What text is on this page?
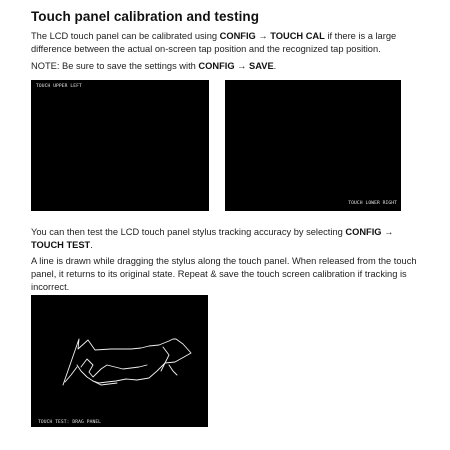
Touch panel calibration and testing
The LCD touch panel can be calibrated using CONFIG → TOUCH CAL if there is a large difference between the actual on-screen tap position and the recognized tap position.
NOTE: Be sure to save the settings with CONFIG → SAVE.
TOUCH UPPER LEFT
TOUCH LOWER RIGHT
You can then test the LCD touch panel stylus tracking accuracy by selecting CONFIG → TOUCH TEST.
A line is drawn while dragging the stylus along the touch panel. When released from the touch panel, it returns to its original state. Repeat & save the touch screen calibration if tracking is incorrect.
TOUCH TEST: DRAG PANEL
